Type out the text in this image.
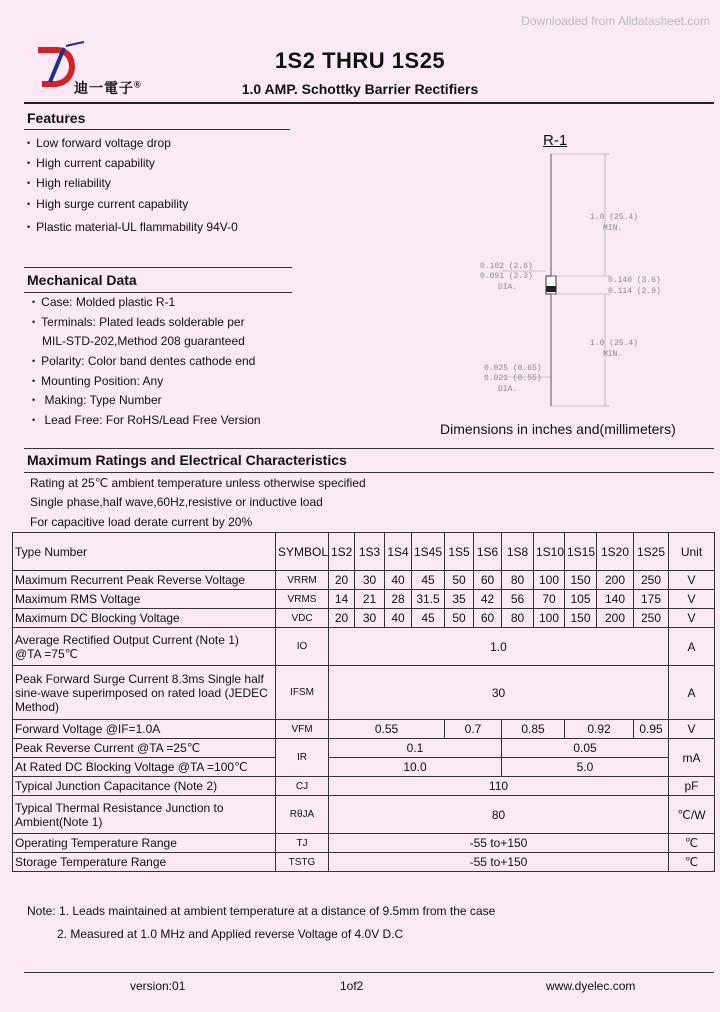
Downloaded from Alldatasheet.com
迪一電子®
1S2 THRU 1S25
1.0 AMP. Schottky Barrier Rectifiers
Features
• Low forward voltage drop
• High current capability
• High reliability
• High surge current capability
• Plastic material-UL flammability 94V-0
Mechanical Data
• Case: Molded plastic R-1
• Terminals: Plated leads solderable per
MIL-STD-202,Method 208 guaranteed
• Polarity: Color band dentes cathode end
• Mounting Position: Any
• Making: Type Number
• Lead Free: For RoHS/Lead Free Version
R-1
1.0 (25.4)
MIN.
0.102 (2.6)
0.091 (2.3)
DIA.
0.140 (3.6)
0.114 (2.9)
1.0 (25.4)
MIN.
0.025 (0.65)
0.021 (0.55)
DIA.
Dimensions in inches and(millimeters)
Maximum Ratings and Electrical Characteristics
Rating at 25℃ ambient temperature unless otherwise specified
Single phase,half wave,60Hz,resistive or inductive load
For capacitive load derate current by 20%
Type Number	SYMBOL	1S2	1S3	1S4	1S45	1S5	1S6	1S8	1S10	1S15	1S20	1S25	Unit
Maximum Recurrent Peak Reverse Voltage	VRRM	20	30	40	45	50	60	80	100	150	200	250	V
Maximum RMS Voltage	VRMS	14	21	28	31.5	35	42	56	70	105	140	175	V
Maximum DC Blocking Voltage	VDC	20	30	40	45	50	60	80	100	150	200	250	V

Average Rectified Output Current (Note 1)
@TA =75℃	IO	1.0											A

Peak Forward Surge Current 8.3ms Single half
sine-wave superimposed on rated load (JEDEC
Method)	IFSM	30											A
Forward Voltage @IF=1.0A	VFM	0.55				0.7		0.85		0.92		0.95	V
Peak Reverse Current @TA =25℃	IR	0.1						0.05					mA
At Rated DC Blocking Voltage @TA =100℃		10.0						5.0					
Typical Junction Capacitance (Note 2)	CJ	110											pF

Typical Thermal Resistance Junction to
Ambient(Note 1)	RθJA	80											℃/W
Operating Temperature Range	TJ	-55 to+150											℃
Storage Temperature Range	TSTG	-55 to+150											℃
Note: 1. Leads maintained at ambient temperature at a distance of 9.5mm from the case
2. Measured at 1.0 MHz and Applied reverse Voltage of 4.0V D.C
version:01	1of2	www.dyelec.com
